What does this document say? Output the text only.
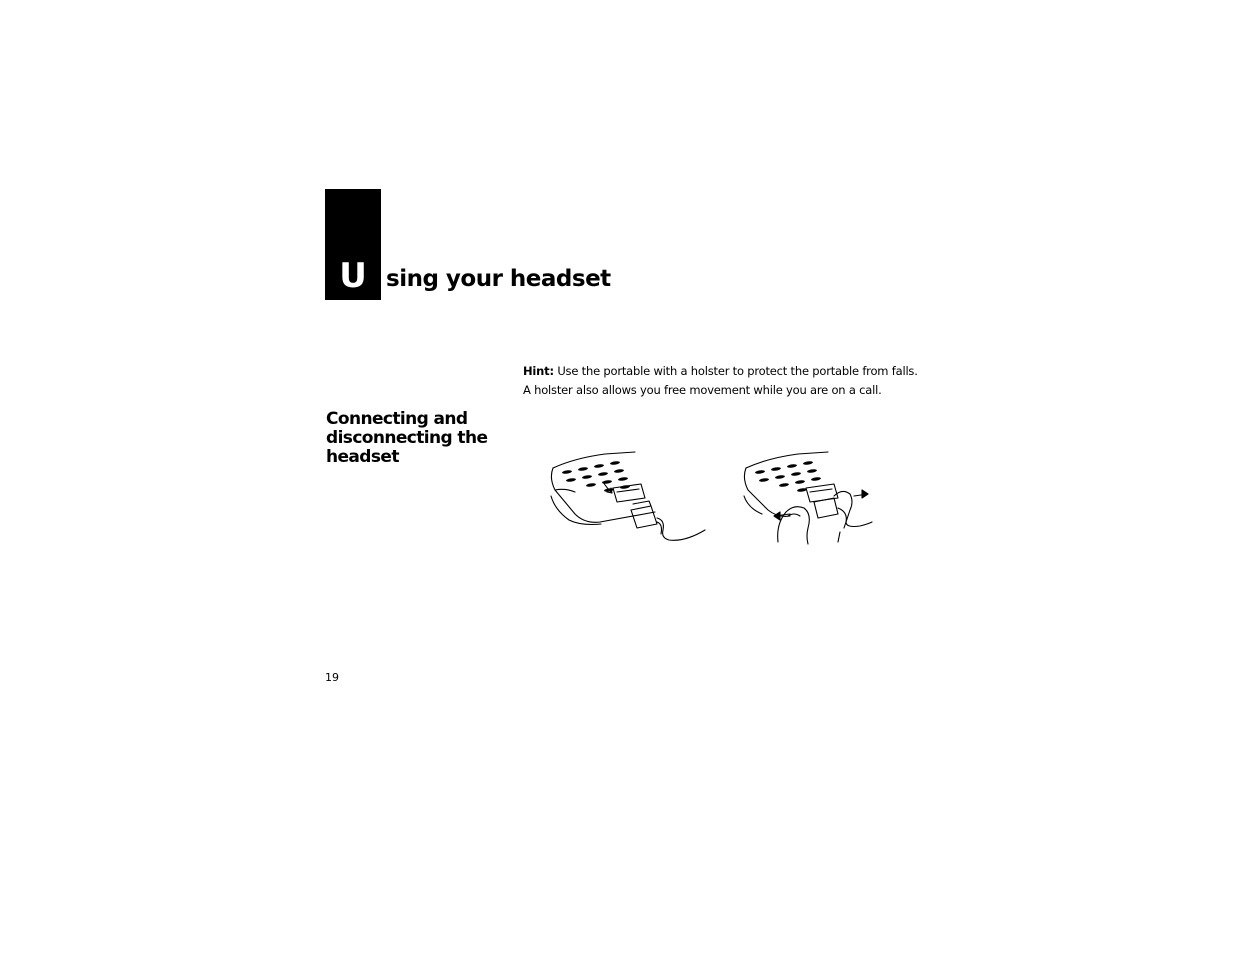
U sing your headset
Hint: Use the portable with a holster to protect the portable from falls.
A holster also allows you free movement while you are on a call.
Connecting and
disconnecting the
headset
19
